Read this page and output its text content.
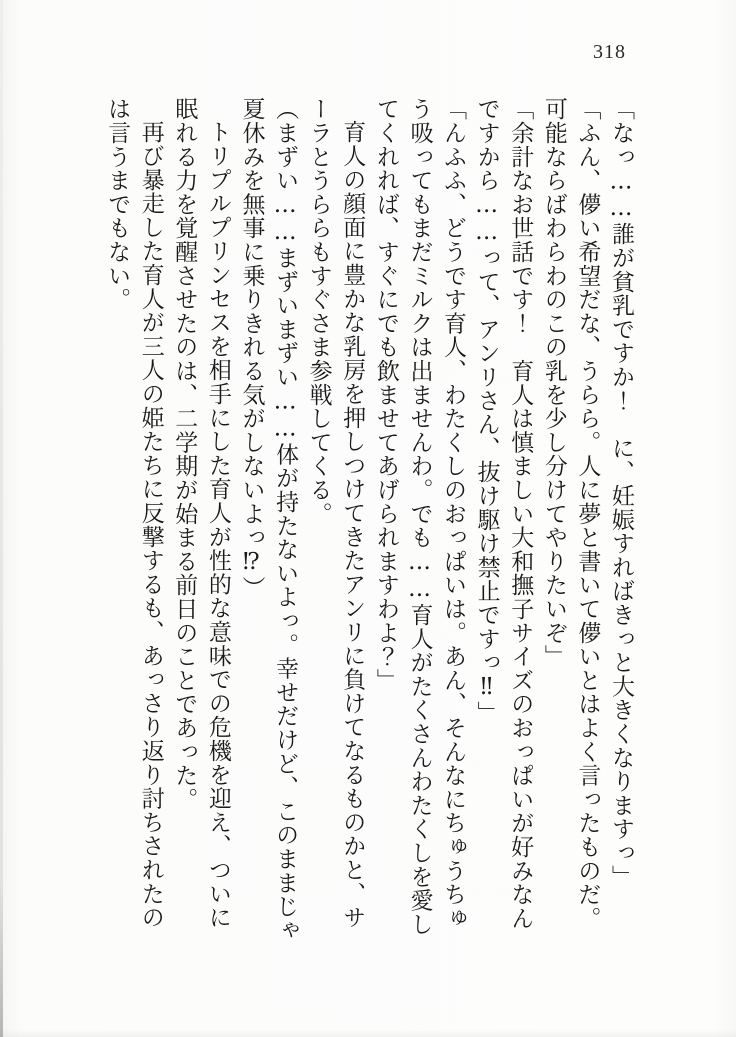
318

「なっ……誰が貧乳ですか！　に、妊娠すればきっと大きくなりますっ」

「ふん、儚い希望だな、うらら。人に夢と書いて儚いとはよく言ったものだ。可能ならばわらわのこの乳を少し分けてやりたいぞ」

「余計なお世話です！　育人は慎ましい大和撫子サイズのおっぱいが好みなんですから……って、アンリさん、抜け駆け禁止ですっ‼」

「んふふ、どうです育人、わたくしのおっぱいは。あん、そんなにちゅうちゅう吸ってもまだミルクは出ませんわ。でも……育人がたくさんわたくしを愛してくれれば、すぐにでも飲ませてあげられますわよ？」

育人の顔面に豊かな乳房を押しつけてきたアンリに負けてなるものかと、サーラとうららもすぐさま参戦してくる。

（まずい……まずいまずい……体が持たないよっ。幸せだけど、このままじゃ夏休みを無事に乗りきれる気がしないよっ⁉）

トリプルプリンセスを相手にした育人が性的な意味での危機を迎え、ついに眠れる力を覚醒させたのは、二学期が始まる前日のことであった。

再び暴走した育人が三人の姫たちに反撃するも、あっさり返り討ちされたのは言うまでもない。
